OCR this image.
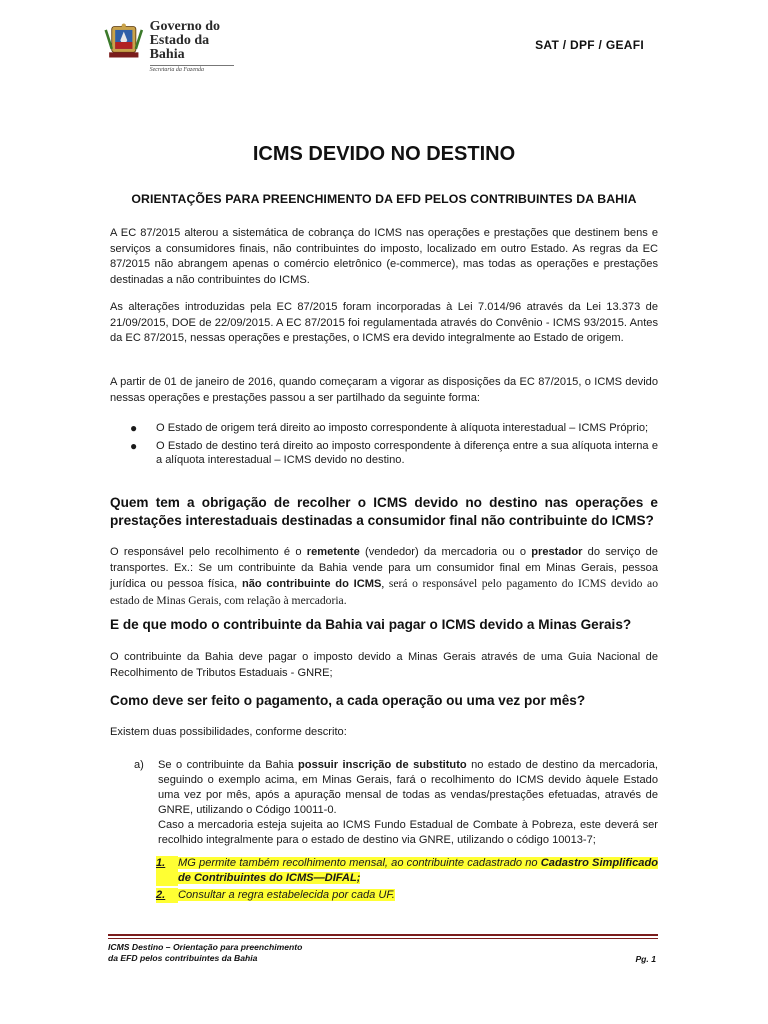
Governo do
Estado da Bahia
Secretaria da Fazenda
SAT / DPF / GEAFI
ICMS DEVIDO NO DESTINO
ORIENTAÇÕES PARA PREENCHIMENTO DA EFD PELOS CONTRIBUINTES DA BAHIA
A EC 87/2015 alterou a sistemática de cobrança do ICMS nas operações e prestações que destinem bens e serviços a consumidores finais, não contribuintes do imposto, localizado em outro Estado. As regras da EC 87/2015 não abrangem apenas o comércio eletrônico (e-commerce), mas todas as operações e prestações destinadas a não contribuintes do ICMS.
As alterações introduzidas pela EC 87/2015 foram incorporadas à Lei 7.014/96 através da Lei 13.373 de 21/09/2015, DOE de 22/09/2015. A EC 87/2015 foi regulamentada através do Convênio - ICMS 93/2015. Antes da EC 87/2015, nessas operações e prestações, o ICMS era devido integralmente ao Estado de origem.
A partir de 01 de janeiro de 2016, quando começaram a vigorar as disposições da EC 87/2015, o ICMS devido nessas operações e prestações passou a ser partilhado da seguinte forma:
●	O Estado de origem terá direito ao imposto correspondente à alíquota interestadual – ICMS Próprio;
●	O Estado de destino terá direito ao imposto correspondente à diferença entre a sua alíquota interna e a alíquota interestadual – ICMS devido no destino.
Quem tem a obrigação de recolher o ICMS devido no destino nas operações e prestações interestaduais destinadas a consumidor final não contribuinte do ICMS?
O responsável pelo recolhimento é o remetente (vendedor) da mercadoria ou o prestador do serviço de transportes. Ex.: Se um contribuinte da Bahia vende para um consumidor final em Minas Gerais, pessoa jurídica ou pessoa física, não contribuinte do ICMS, será o responsável pelo pagamento do ICMS devido ao estado de Minas Gerais, com relação à mercadoria.
E de que modo o contribuinte da Bahia vai pagar o ICMS devido a Minas Gerais?
O contribuinte da Bahia deve pagar o imposto devido a Minas Gerais através de uma Guia Nacional de Recolhimento de Tributos Estaduais - GNRE;
Como deve ser feito o pagamento, a cada operação ou uma vez por mês?
Existem duas possibilidades, conforme descrito:
a)	Se o contribuinte da Bahia possuir inscrição de substituto no estado de destino da mercadoria, seguindo o exemplo acima, em Minas Gerais, fará o recolhimento do ICMS devido àquele Estado uma vez por mês, após a apuração mensal de todas as vendas/prestações efetuadas, através de GNRE, utilizando o Código 10011-0.
Caso a mercadoria esteja sujeita ao ICMS Fundo Estadual de Combate à Pobreza, este deverá ser recolhido integralmente para o estado de destino via GNRE, utilizando o código 10013-7;
1.	MG permite também recolhimento mensal, ao contribuinte cadastrado no Cadastro Simplificado de Contribuintes do ICMS—DIFAL;
2.	Consultar a regra estabelecida por cada UF.
ICMS Destino – Orientação para preenchimento
da EFD pelos contribuintes da Bahia	Pg. 1
